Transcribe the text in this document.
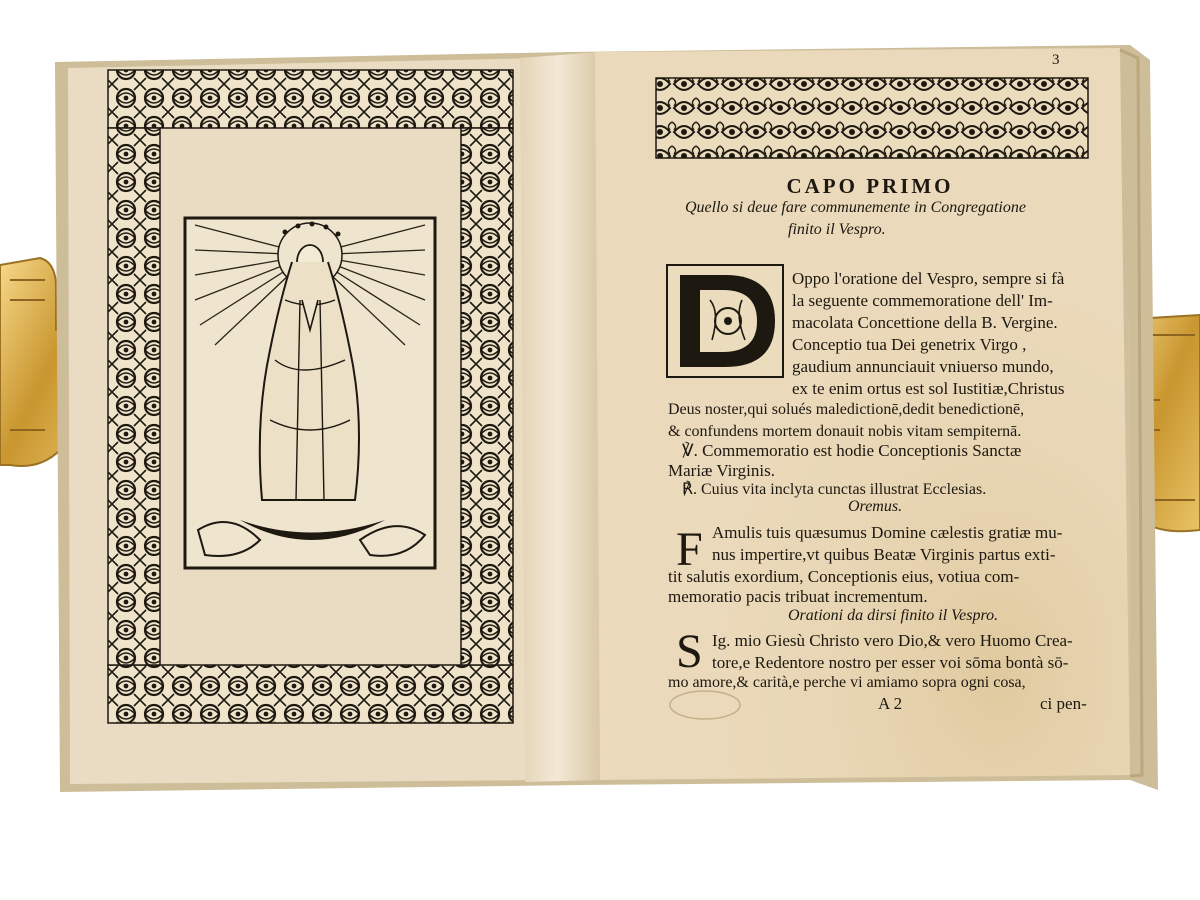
3

CAPO PRIMO

Quello si deue fare communemente in Congregatione

finito il Vespro.

Oppo l'oratione del Vespro, sempre si fà

la seguente commemoratione dell' Im-

macolata Concettione della B. Vergine.

Conceptio tua Dei genetrix Virgo ,

gaudium annunciauit vniuerso mundo,

ex te enim ortus est sol Iustitiæ,Christus

Deus noster,qui solués maledictionē,dedit benedictionē,

& confundens mortem donauit nobis vitam sempiternā.

℣. Commemoratio est hodie Conceptionis Sanctæ

Mariæ Virginis.

℟. Cuius vita inclyta cunctas illustrat Ecclesias.

Oremus.

F Amulis tuis quæsumus Domine cælestis gratiæ mu-

nus impertire,vt quibus Beatæ Virginis partus exti-

tit salutis exordium, Conceptionis eius, votiua com-

memoratio pacis tribuat incrementum.

Orationi da dirsi finito il Vespro.

S Ig. mio Giesù Christo vero Dio,& vero Huomo Crea-

tore,e Redentore nostro per esser voi sōma bontà sō-

mo amore,& carità,e perche vi amiamo sopra ogni cosa,

A 2	ci pen-
